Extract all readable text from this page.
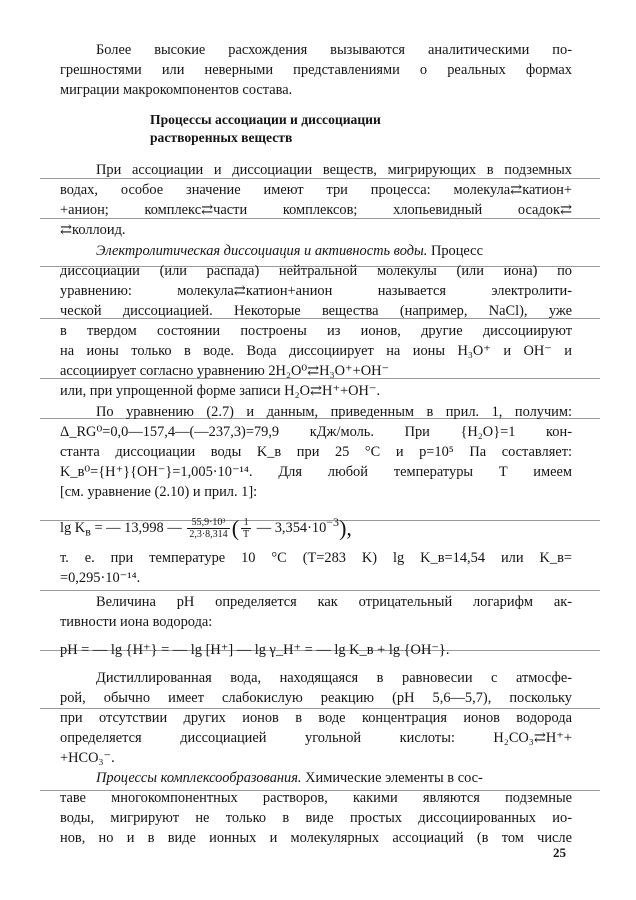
Более высокие расхождения вызываются аналитическими по-
грешностями или неверными представлениями о реальных формах
миграции макрокомпонентов состава.
Процессы ассоциации и диссоциации
растворенных веществ
При ассоциации и диссоциации веществ, мигрирующих в подземных
водах, особое значение имеют три процесса: молекула⇄катион+
+анион; комплекс⇄части комплексов; хлопьевидный осадок⇄
⇄коллоид.
Электролитическая диссоциация и активность воды. Процесс
диссоциации (или распада) нейтральной молекулы (или иона) по
уравнению: молекула⇄катион+анион называется электролити-
ческой диссоциацией. Некоторые вещества (например, NaCl), уже
в твердом состоянии построены из ионов, другие диссоциируют
на ионы только в воде. Вода диссоциирует на ионы H₃O⁺ и OH⁻ и
ассоциирует согласно уравнению 2H₂O⁰⇄H₃O⁺+OH⁻
или, при упрощенной форме записи H₂O⇄H⁺+OH⁻.
По уравнению (2.7) и данным, приведенным в прил. 1, получим:
Δ_RG⁰=0,0—157,4—(—237,3)=79,9 кДж/моль. При {H₂O}=1 кон-
станта диссоциации воды K_в при 25 °C и p=10⁵ Па составляет:
K_в⁰={H⁺}{OH⁻}=1,005·10⁻¹⁴. Для любой температуры T имеем
[см. уравнение (2.10) и прил. 1]:
$\lg K_в$ = — 13,998 — $\frac{\text{55,9·10³}}{2,3\cdot 8,314}$ ( $\frac{1}{T}$ — $3,354\cdot 10^{-3}$),
т. е. при температуре 10 °C (T=283 K) lg K_в=14,54 или K_в=
=0,295·10⁻¹⁴.
Величина pH определяется как отрицательный логарифм ак-
тивности иона водорода:
pH = — lg {H⁺} = — lg [H⁺] — lg γ_H⁺ = — lg K_в + lg {OH⁻}.
Дистиллированная вода, находящаяся в равновесии с атмосфе-
рой, обычно имеет слабокислую реакцию (pH 5,6—5,7), поскольку
при отсутствии других ионов в воде концентрация ионов водорода
определяется диссоциацией угольной кислоты: H₂CO₃⇄H⁺+
+HCO₃⁻.
Процессы комплексообразования. Химические элементы в сос-
таве многокомпонентных растворов, какими являются подземные
воды, мигрируют не только в виде простых диссоциированных ио-
нов, но и в виде ионных и молекулярных ассоциаций (в том числе
25
